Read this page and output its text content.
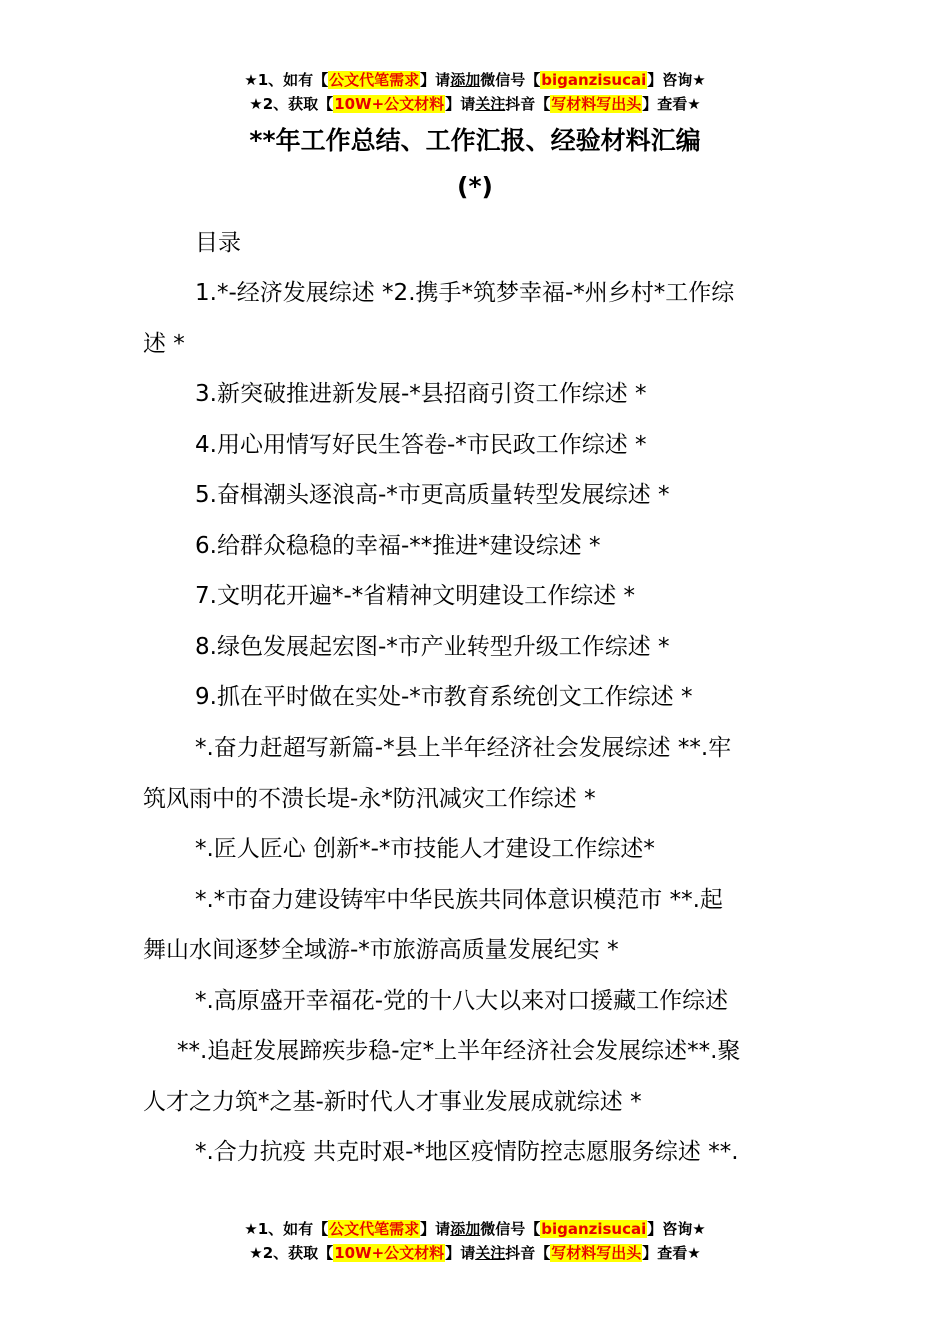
★1、如有【公文代笔需求】请添加微信号【biganzisucai】咨询★
★2、获取【10W+公文材料】请关注抖音【写材料写出头】查看★
**年工作总结、工作汇报、经验材料汇编
(*)
目录
1.*-经济发展综述 *2.携手*筑梦幸福-*州乡村*工作综
述 *
3.新突破推进新发展-*县招商引资工作综述 *
4.用心用情写好民生答卷-*市民政工作综述 *
5.奋楫潮头逐浪高-*市更高质量转型发展综述 *
6.给群众稳稳的幸福-**推进*建设综述 *
7.文明花开遍*-*省精神文明建设工作综述 *
8.绿色发展起宏图-*市产业转型升级工作综述 *
9.抓在平时做在实处-*市教育系统创文工作综述 *
*.奋力赶超写新篇-*县上半年经济社会发展综述 **.牢
筑风雨中的不溃长堤-永*防汛减灾工作综述 *
*.匠人匠心 创新*-*市技能人才建设工作综述*
*.*市奋力建设铸牢中华民族共同体意识模范市 **.起
舞山水间逐梦全域游-*市旅游高质量发展纪实 *
*.高原盛开幸福花-党的十八大以来对口援藏工作综述
**.追赶发展蹄疾步稳-定*上半年经济社会发展综述**.聚
人才之力筑*之基-新时代人才事业发展成就综述 *
*.合力抗疫 共克时艰-*地区疫情防控志愿服务综述 **.
★1、如有【公文代笔需求】请添加微信号【biganzisucai】咨询★
★2、获取【10W+公文材料】请关注抖音【写材料写出头】查看★
